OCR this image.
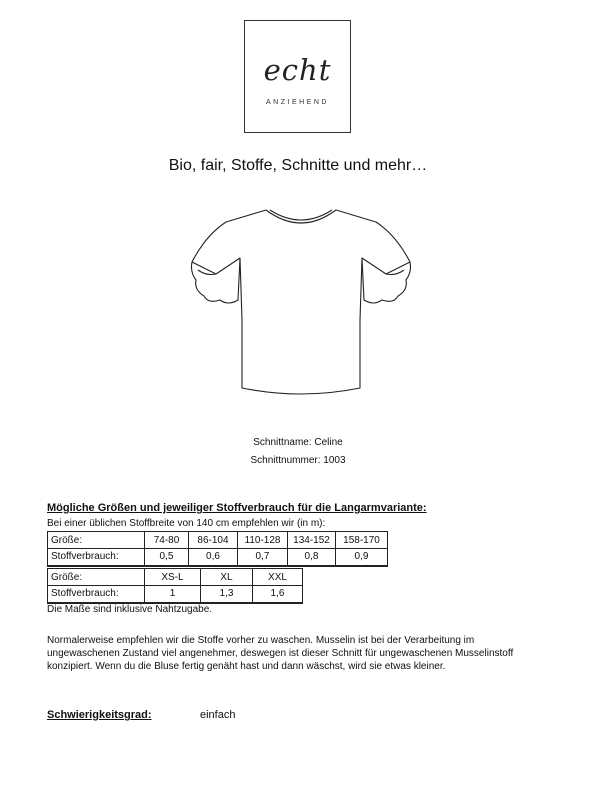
echt
ANZIEHEND
Bio, fair, Stoffe, Schnitte und mehr…
Schnittname: Celine
Schnittnummer: 1003
Mögliche Größen und jeweiliger Stoffverbrauch für die Langarmvariante:
Bei einer üblichen Stoffbreite von 140 cm empfehlen wir (in m):
Größe:	74-80	86-104	110-128	134-152	158-170
Stoffverbrauch:	0,5	0,6	0,7	0,8	0,9
Größe:	XS-L	XL	XXL
Stoffverbrauch:	1	1,3	1,6
Die Maße sind inklusive Nahtzugabe.
Normalerweise empfehlen wir die Stoffe vorher zu waschen. Musselin ist bei der Verarbeitung im ungewaschenen Zustand viel angenehmer, deswegen ist dieser Schnitt für ungewaschenen Musselinstoff konzipiert. Wenn du die Bluse fertig genäht hast und dann wäschst, wird sie etwas kleiner.
Schwierigkeitsgrad:	einfach
